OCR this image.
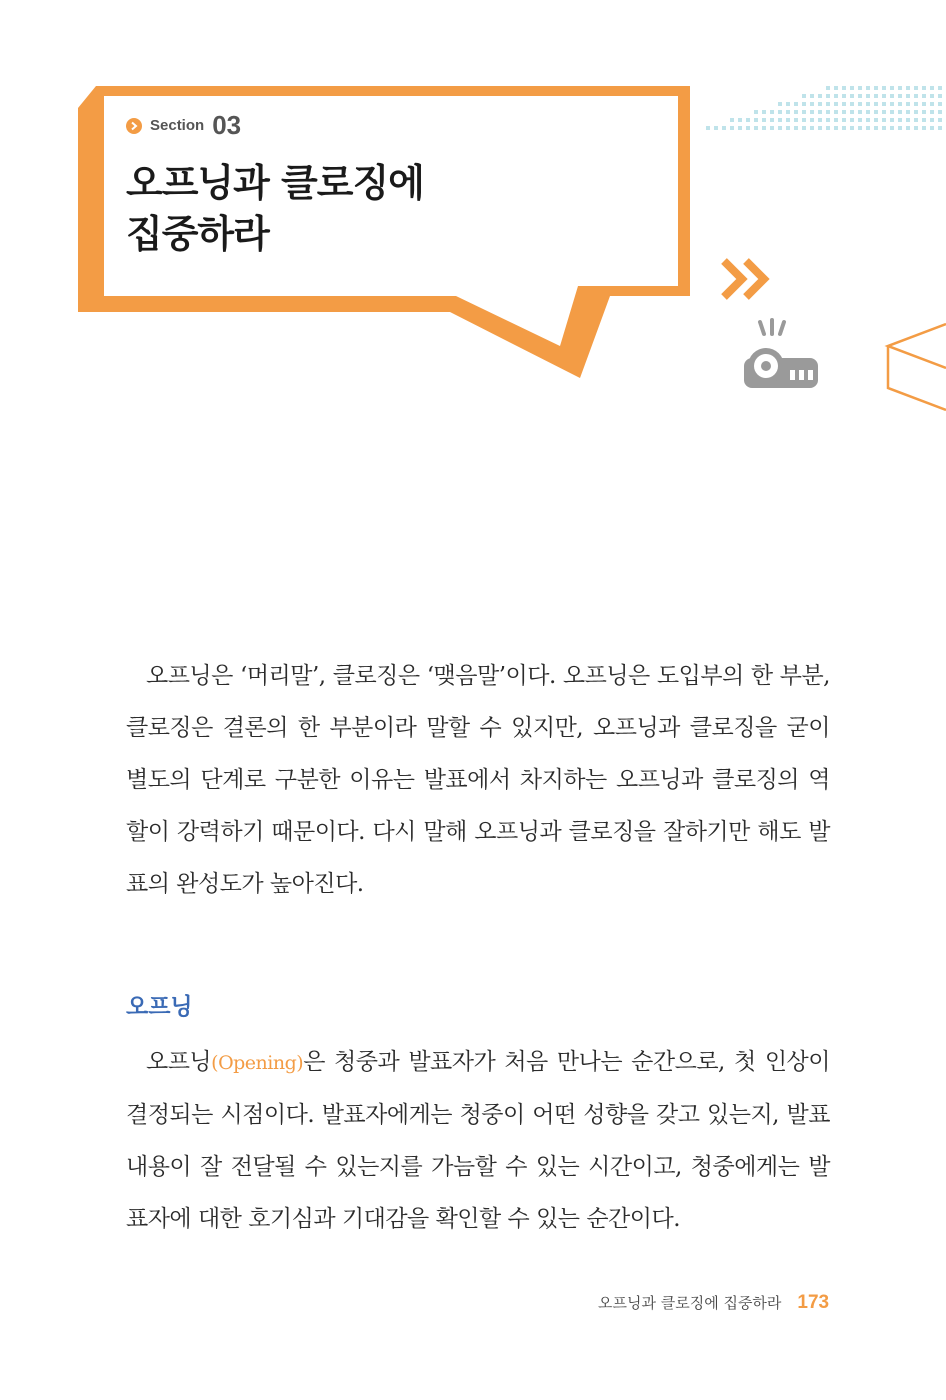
Section 03
오프닝과 클로징에
집중하라

오프닝은 ‘머리말’, 클로징은 ‘맺음말’이다. 오프닝은 도입부의 한 부분, 클로징은 결론의 한 부분이라 말할 수 있지만, 오프닝과 클로징을 굳이 별도의 단계로 구분한 이유는 발표에서 차지하는 오프닝과 클로징의 역할이 강력하기 때문이다. 다시 말해 오프닝과 클로징을 잘하기만 해도 발표의 완성도가 높아진다.

오프닝

오프닝(Opening)은 청중과 발표자가 처음 만나는 순간으로, 첫 인상이 결정되는 시점이다. 발표자에게는 청중이 어떤 성향을 갖고 있는지, 발표 내용이 잘 전달될 수 있는지를 가늠할 수 있는 시간이고, 청중에게는 발표자에 대한 호기심과 기대감을 확인할 수 있는 순간이다.

오프닝과 클로징에 집중하라 173
